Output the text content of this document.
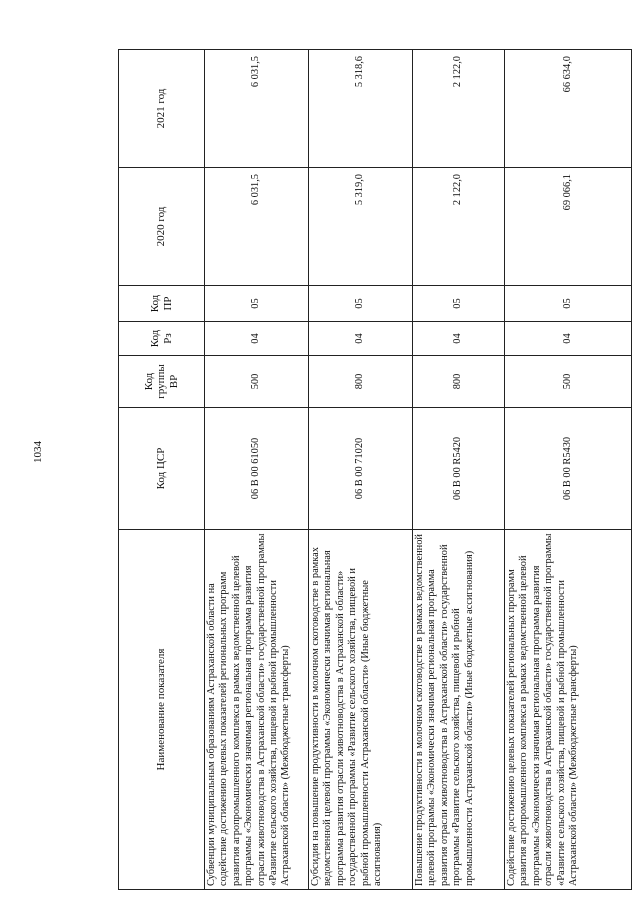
1034
Наименование показателя	Код ЦСР	Код группы ВР	Код Рз	Код ПР	2020 год	2021 год
Субвенции муниципальным образованиям Астраханской области на содействие достижению целевых показателей региональных программ развития агропромышленного комплекса в рамках ведомственной целевой программы «Экономически значимая региональная программа развития отрасли животноводства в Астраханской области» государственной программы «Развитие сельского хозяйства, пищевой и рыбной промышленности Астраханской области» (Межбюджетные трансферты)	06 В 00 61050	500	04	05	6 031,5	6 031,5
Субсидия на повышение продуктивности в молочном скотоводстве в рамках ведомственной целевой программы «Экономически значимая региональная программа развития отрасли животноводства в Астраханской области» государственной программы «Развитие сельского хозяйства, пищевой и рыбной промышленности Астраханской области» (Иные бюджетные ассигнования)	06 В 00 71020	800	04	05	5 319,0	5 318,6
Повышение продуктивности в молочном скотоводстве в рамках ведомственной целевой программы «Экономически значимая региональная программа развития отрасли животноводства в Астраханской области» государственной программы «Развитие сельского хозяйства, пищевой и рыбной промышленности Астраханской области» (Иные бюджетные ассигнования)	06 В 00 R5420	800	04	05	2 122,0	2 122,0
Содействие достижению целевых показателей региональных программ развития агропромышленного комплекса в рамках ведомственной целевой программы «Экономически значимая региональная программа развития отрасли животноводства в Астраханской области» государственной программы «Развитие сельского хозяйства, пищевой и рыбной промышленности Астраханской области» (Межбюджетные трансферты)	06 В 00 R5430	500	04	05	69 066,1	66 634,0
